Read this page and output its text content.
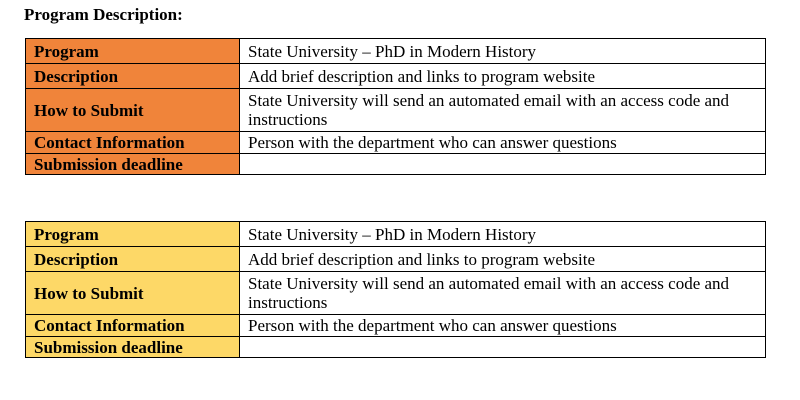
Program Description:

Program	State University – PhD in Modern History
Description	Add brief description and links to program website
How to Submit	State University will send an automated email with an access code and instructions
Contact Information	Person with the department who can answer questions
Submission deadline	
Program	State University – PhD in Modern History
Description	Add brief description and links to program website
How to Submit	State University will send an automated email with an access code and instructions
Contact Information	Person with the department who can answer questions
Submission deadline	
